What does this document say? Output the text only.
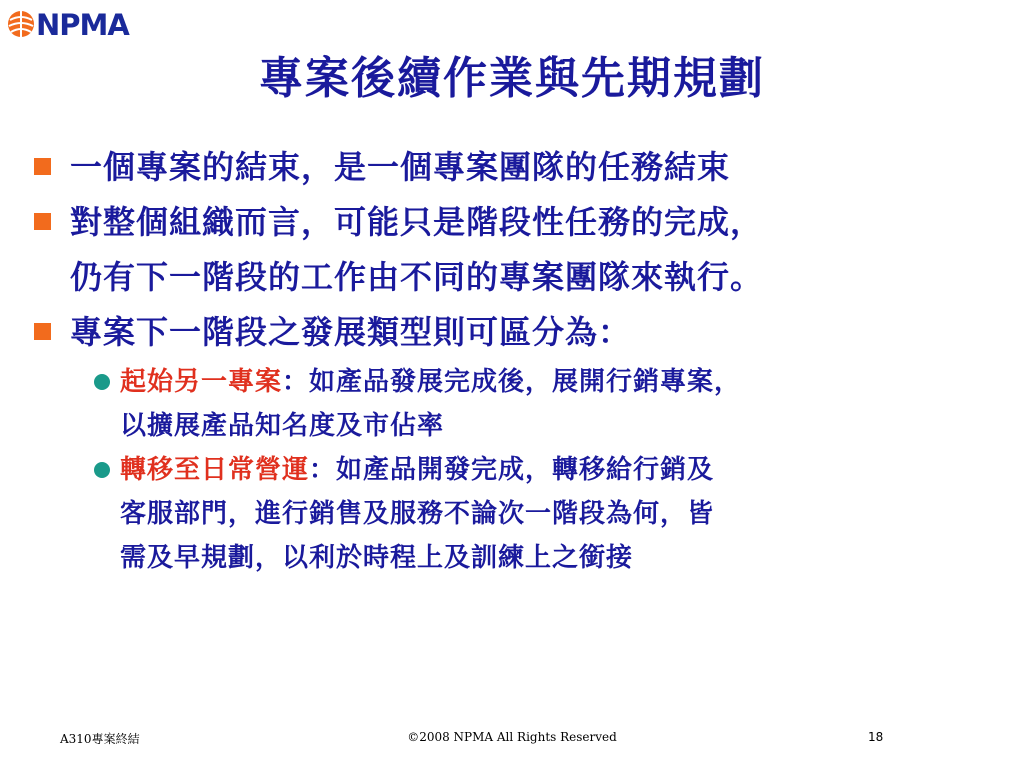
NPMA
專案後續作業與先期規劃
一個專案的結束，是一個專案團隊的任務結束
對整個組織而言，可能只是階段性任務的完成，
仍有下一階段的工作由不同的專案團隊來執行。
專案下一階段之發展類型則可區分為：
起始另一專案：如產品發展完成後，展開行銷專案，
以擴展產品知名度及市佔率
轉移至日常營運：如產品開發完成，轉移給行銷及
客服部門，進行銷售及服務不論次一階段為何，皆
需及早規劃，以利於時程上及訓練上之銜接
A310專案終結	©2008 NPMA All Rights Reserved	18
